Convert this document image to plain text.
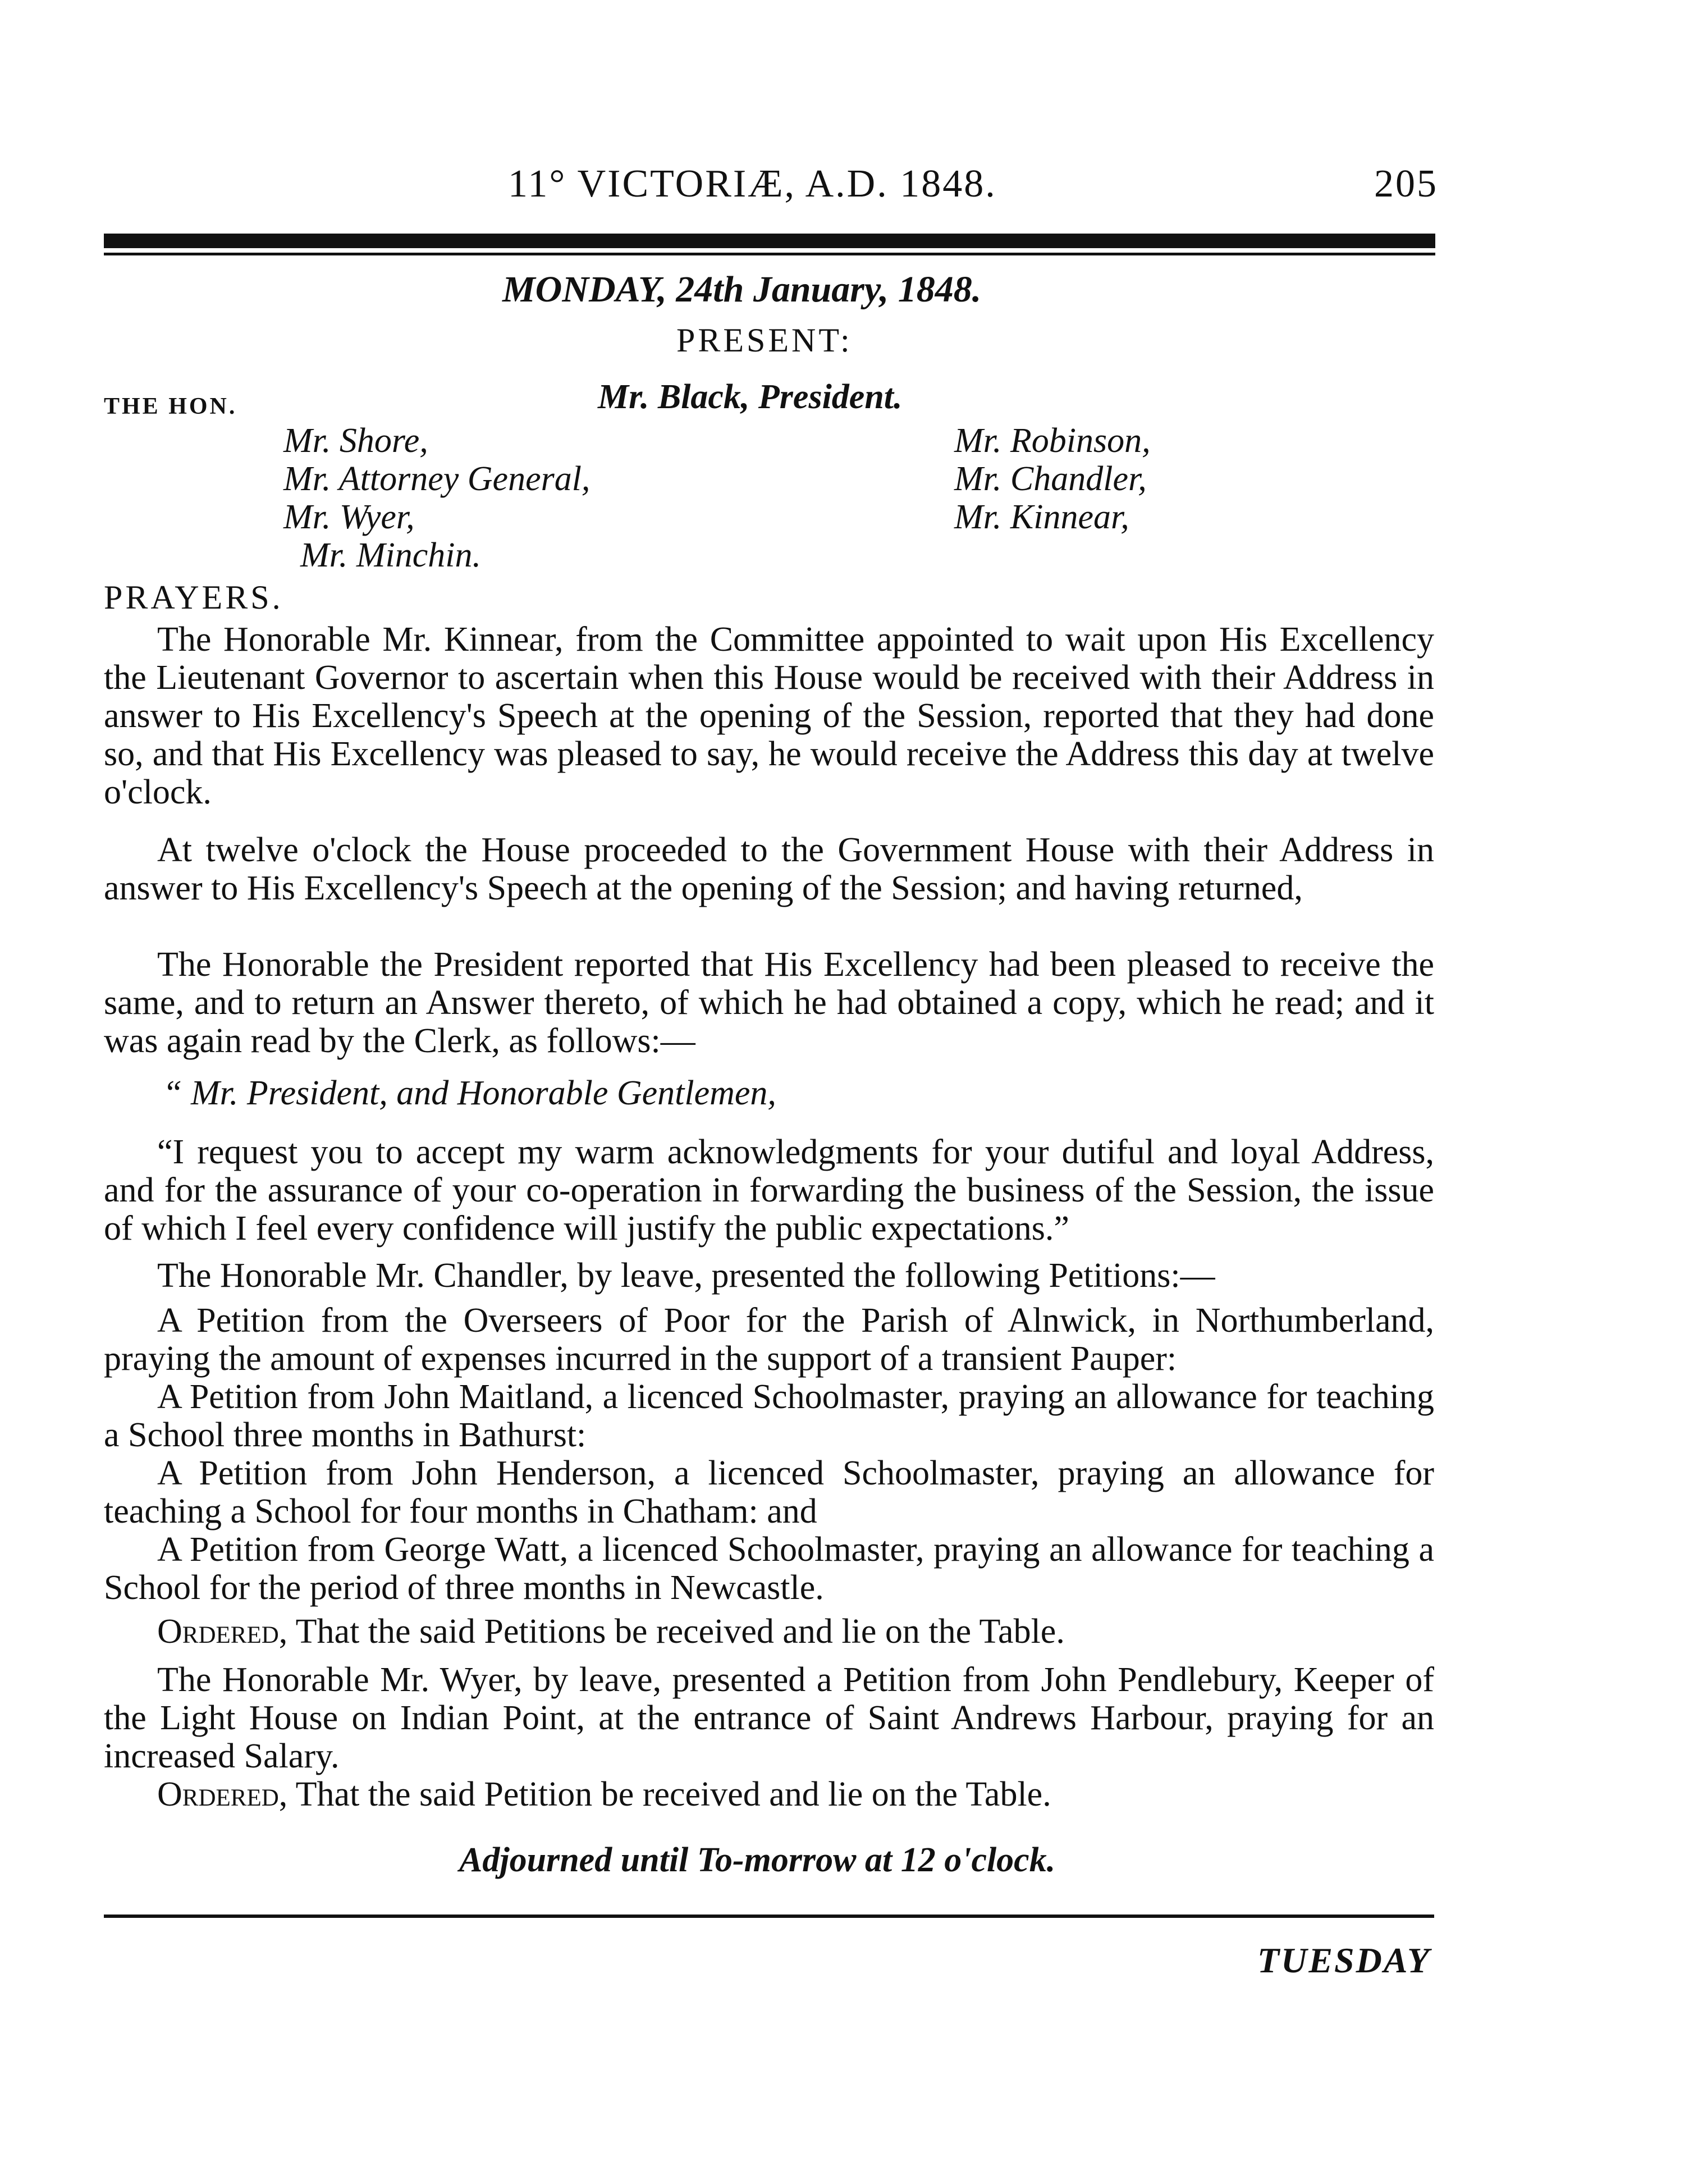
11° VICTORIÆ, A.D. 1848.	205
MONDAY, 24th January, 1848.
PRESENT:
THE HON.	Mr. Black, President.
Mr. Shore,
Mr. Attorney General,
Mr. Wyer,
Mr. Minchin.
Mr. Robinson,
Mr. Chandler,
Mr. Kinnear,
PRAYERS.

The Honorable Mr. Kinnear, from the Committee appointed to wait upon His Excellency the Lieutenant Governor to ascertain when this House would be received with their Address in answer to His Excellency's Speech at the opening of the Session, reported that they had done so, and that His Excellency was pleased to say, he would receive the Address this day at twelve o'clock.

At twelve o'clock the House proceeded to the Government House with their Address in answer to His Excellency's Speech at the opening of the Session; and having returned,

The Honorable the President reported that His Excellency had been pleased to receive the same, and to return an Answer thereto, of which he had obtained a copy, which he read; and it was again read by the Clerk, as follows:—

“ Mr. President, and Honorable Gentlemen,

“I request you to accept my warm acknowledgments for your dutiful and loyal Address, and for the assurance of your co-operation in forwarding the business of the Session, the issue of which I feel every confidence will justify the public expectations.”

The Honorable Mr. Chandler, by leave, presented the following Petitions:—

A Petition from the Overseers of Poor for the Parish of Alnwick, in Northumberland, praying the amount of expenses incurred in the support of a transient Pauper:

A Petition from John Maitland, a licenced Schoolmaster, praying an allowance for teaching a School three months in Bathurst:

A Petition from John Henderson, a licenced Schoolmaster, praying an allowance for teaching a School for four months in Chatham: and

A Petition from George Watt, a licenced Schoolmaster, praying an allowance for teaching a School for the period of three months in Newcastle.

Ordered, That the said Petitions be received and lie on the Table.

The Honorable Mr. Wyer, by leave, presented a Petition from John Pendlebury, Keeper of the Light House on Indian Point, at the entrance of Saint Andrews Harbour, praying for an increased Salary.

Ordered, That the said Petition be received and lie on the Table.

Adjourned until To-morrow at 12 o'clock.
TUESDAY
